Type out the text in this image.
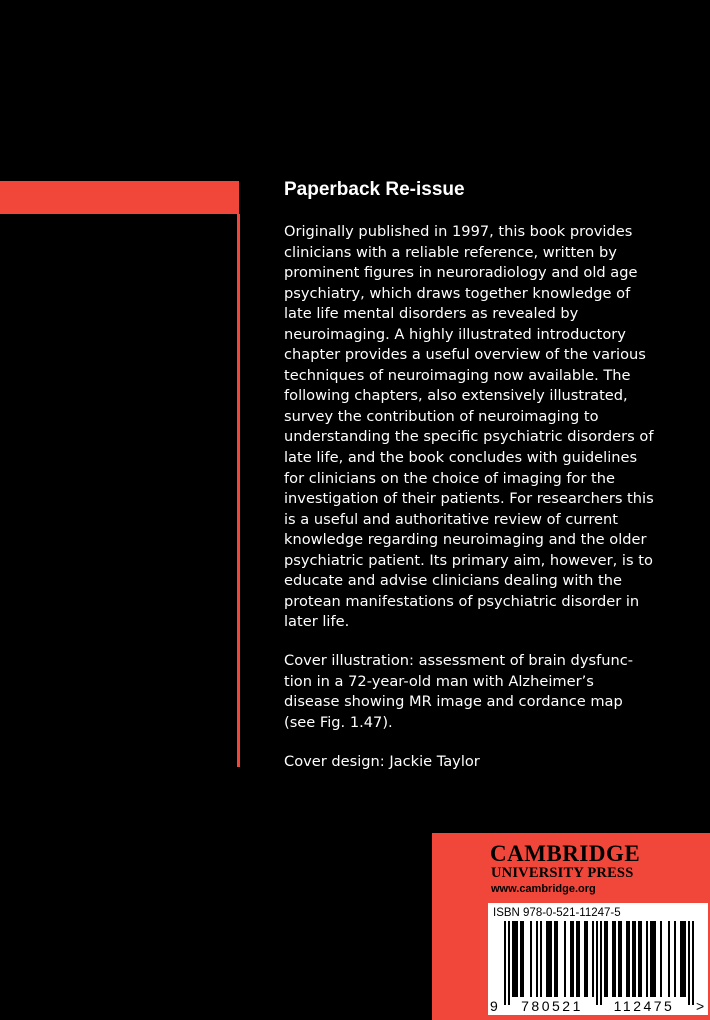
Paperback Re-issue
Originally published in 1997, this book provides
clinicians with a reliable reference, written by
prominent figures in neuroradiology and old age
psychiatry, which draws together knowledge of
late life mental disorders as revealed by
neuroimaging. A highly illustrated introductory
chapter provides a useful overview of the various
techniques of neuroimaging now available. The
following chapters, also extensively illustrated,
survey the contribution of neuroimaging to
understanding the specific psychiatric disorders of
late life, and the book concludes with guidelines
for clinicians on the choice of imaging for the
investigation of their patients. For researchers this
is a useful and authoritative review of current
knowledge regarding neuroimaging and the older
psychiatric patient. Its primary aim, however, is to
educate and advise clinicians dealing with the
protean manifestations of psychiatric disorder in
later life.
Cover illustration: assessment of brain dysfunc-
tion in a 72-year-old man with Alzheimer’s
disease showing MR image and cordance map
(see Fig. 1.47).
Cover design: Jackie Taylor
CAMBRIDGE
UNIVERSITY PRESS
www.cambridge.org
9 780521 112475 >
ISBN 978-0-521-11247-5
